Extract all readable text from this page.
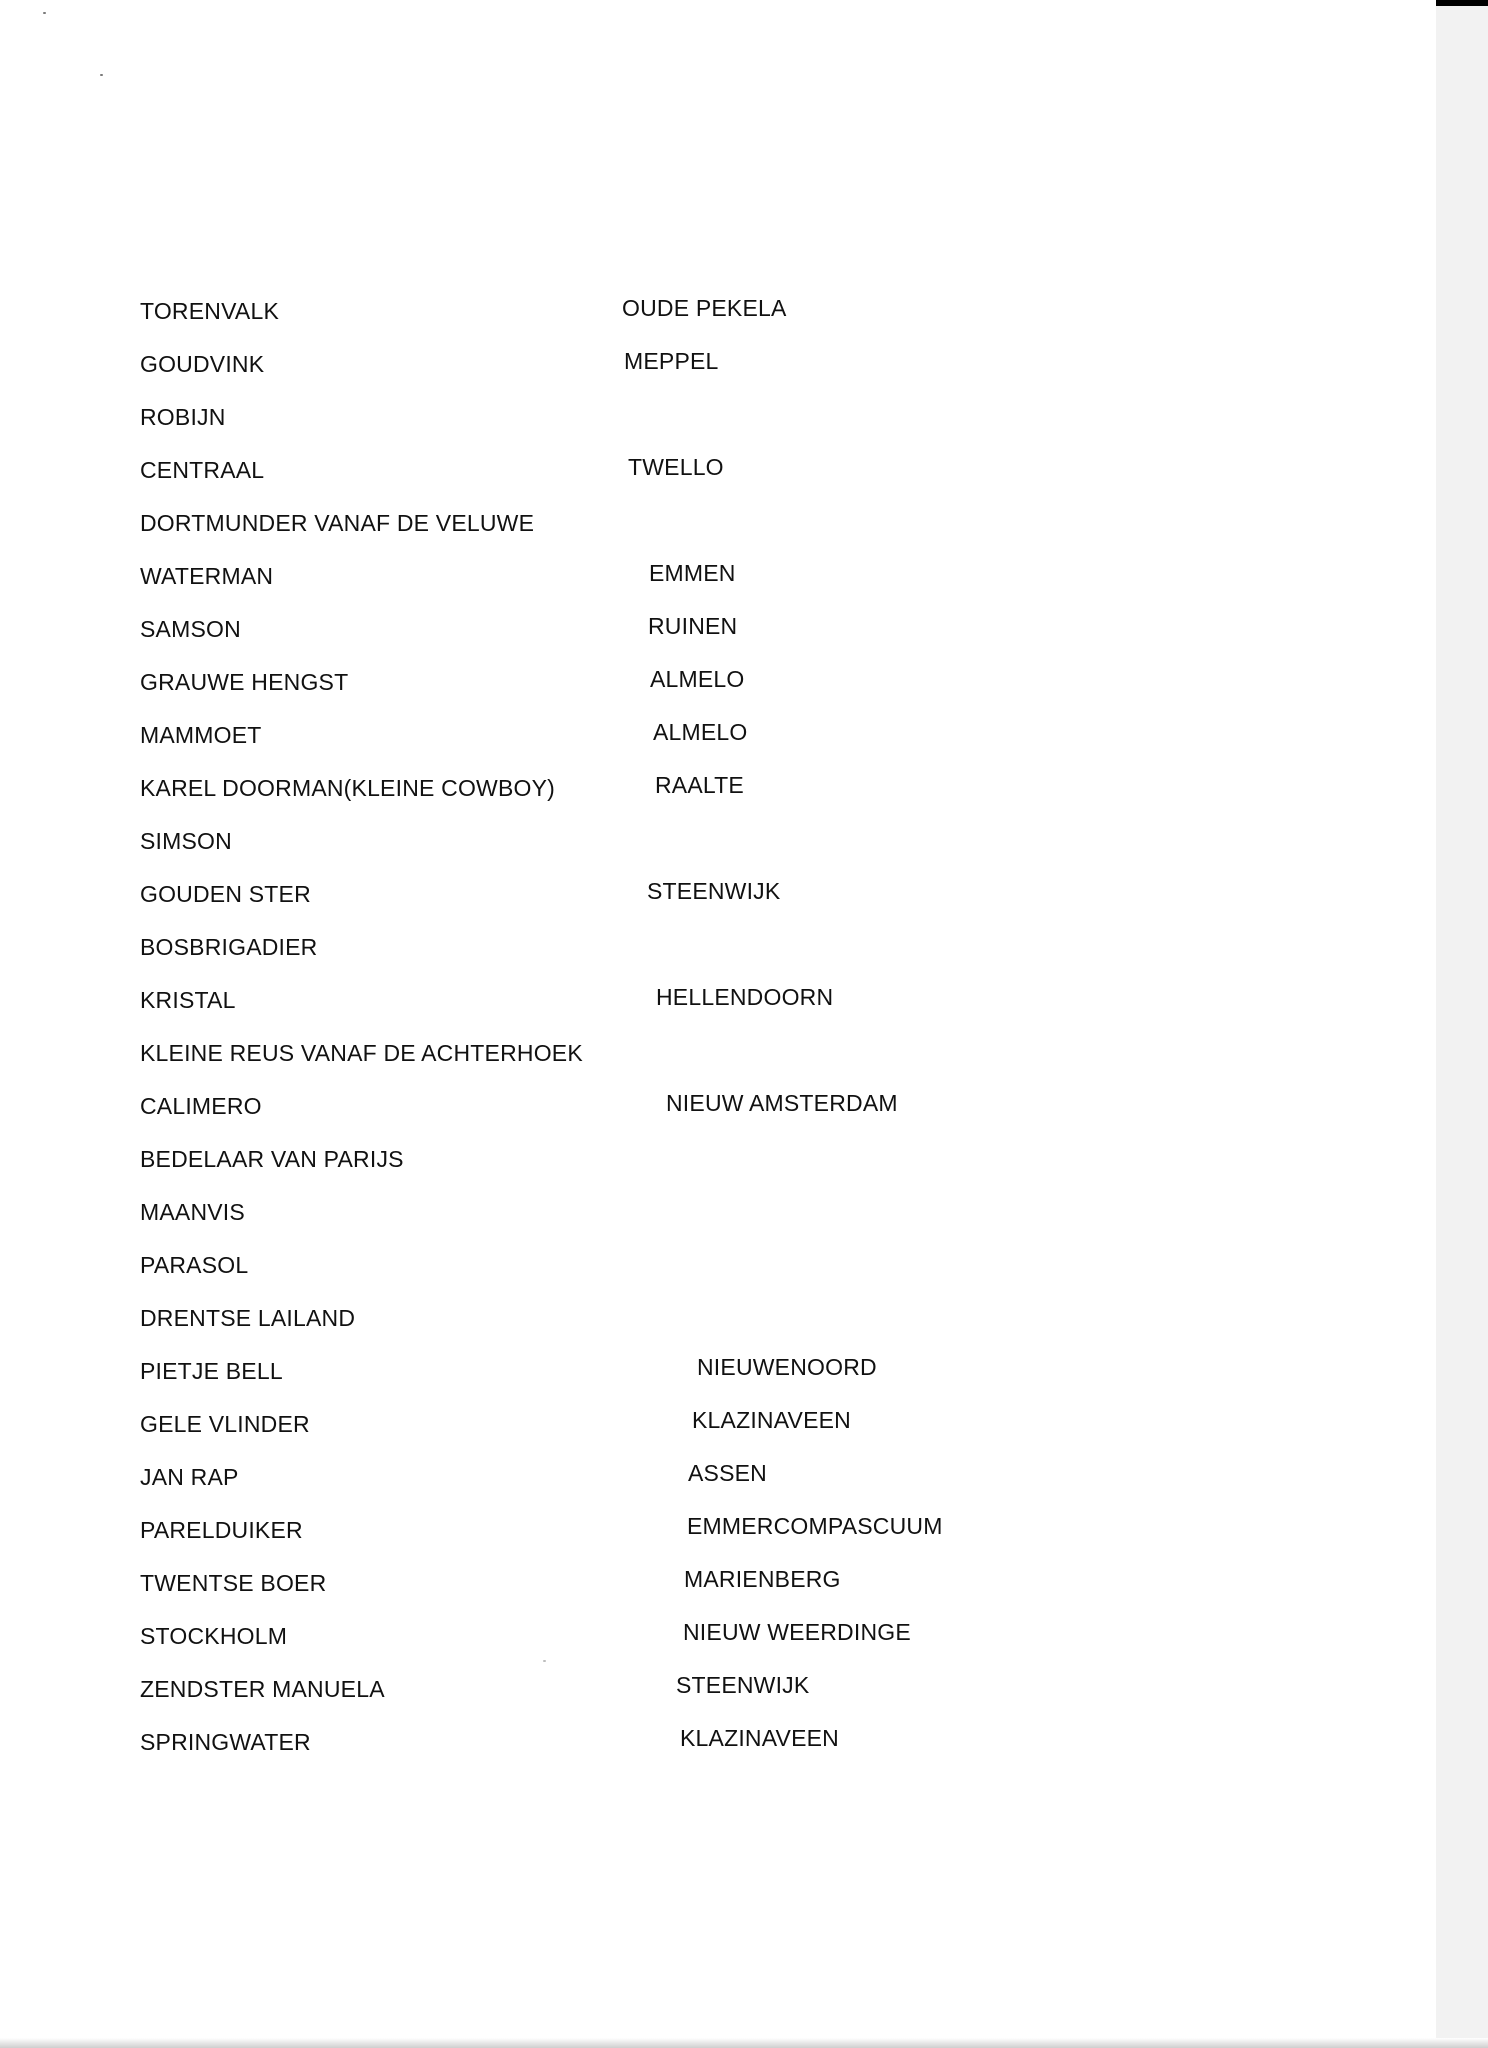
TORENVALK	OUDE PEKELA
GOUDVINK	MEPPEL
ROBIJN
CENTRAAL	TWELLO
DORTMUNDER VANAF DE VELUWE
WATERMAN	EMMEN
SAMSON	RUINEN
GRAUWE HENGST	ALMELO
MAMMOET	ALMELO
KAREL DOORMAN(KLEINE COWBOY)	RAALTE
SIMSON
GOUDEN STER	STEENWIJK
BOSBRIGADIER
KRISTAL	HELLENDOORN
KLEINE REUS VANAF DE ACHTERHOEK
CALIMERO	NIEUW AMSTERDAM
BEDELAAR VAN PARIJS
MAANVIS
PARASOL
DRENTSE LAILAND
PIETJE BELL	NIEUWENOORD
GELE VLINDER	KLAZINAVEEN
JAN RAP	ASSEN
PARELDUIKER	EMMERCOMPASCUUM
TWENTSE BOER	MARIENBERG
STOCKHOLM	NIEUW WEERDINGE
ZENDSTER MANUELA	STEENWIJK
SPRINGWATER	KLAZINAVEEN
